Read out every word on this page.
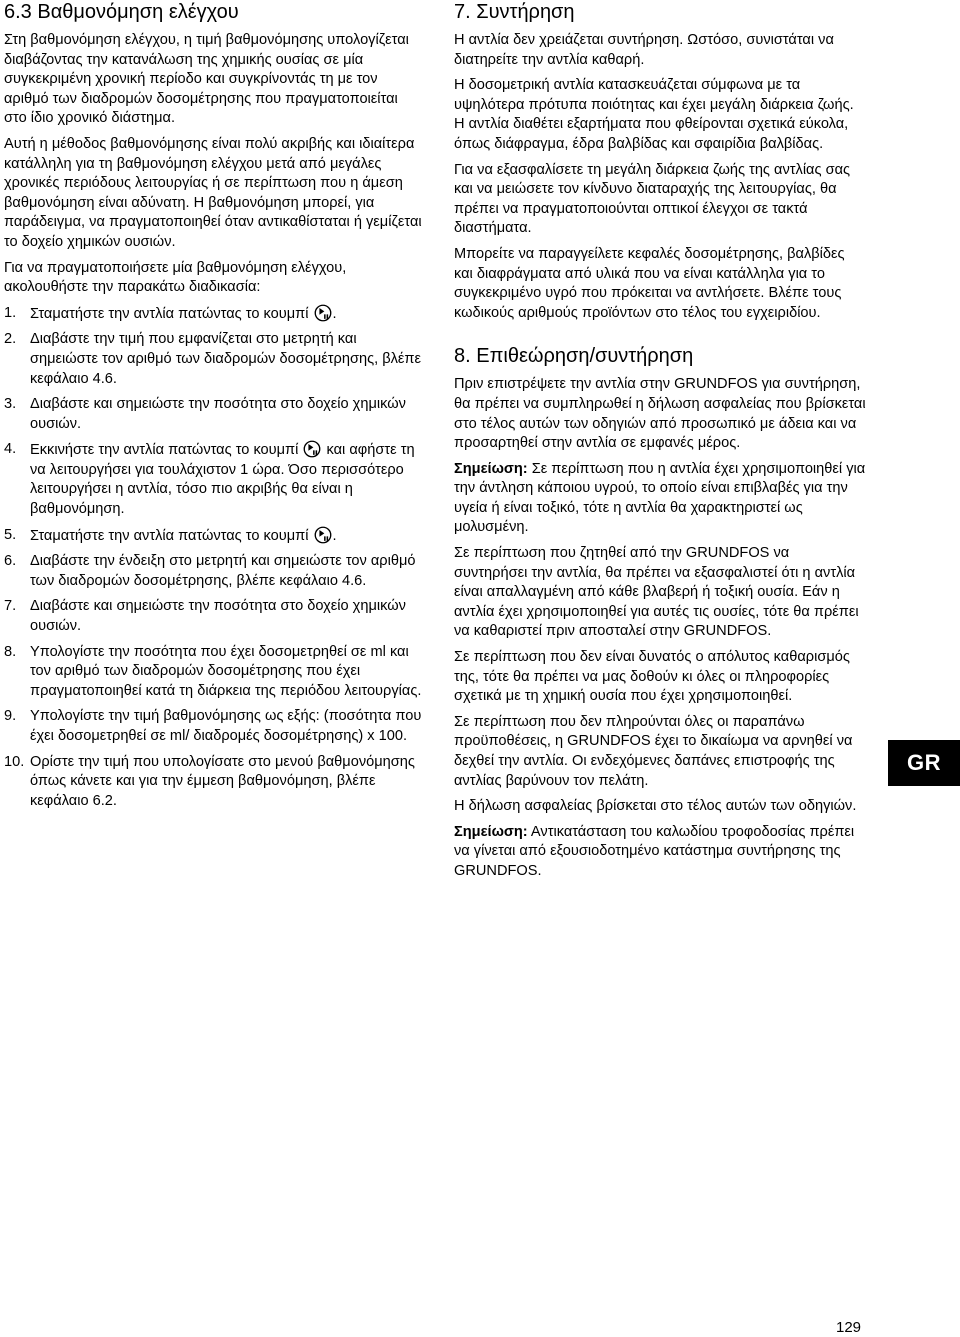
6.3 Βαθμονόμηση ελέγχου

Στη βαθμονόμηση ελέγχου, η τιμή βαθμονόμησης υπολογίζεται διαβάζοντας την κατανάλωση της χημικής ουσίας σε μία συγκεκριμένη χρονική περίοδο και συγκρίνοντάς τη με τον αριθμό των διαδρομών δοσομέτρησης που πραγματοποιείται στο ίδιο χρονικό διάστημα.

Αυτή η μέθοδος βαθμονόμησης είναι πολύ ακριβής και ιδιαίτερα κατάλληλη για τη βαθμονόμηση ελέγχου μετά από μεγάλες χρονικές περιόδους λειτουργίας ή σε περίπτωση που η άμεση βαθμονόμηση είναι αδύνατη. Η βαθμονόμηση μπορεί, για παράδειγμα, να πραγματοποιηθεί όταν αντικαθίσταται ή γεμίζεται το δοχείο χημικών ουσιών.

Για να πραγματοποιήσετε μία βαθμονόμηση ελέγχου, ακολουθήστε την παρακάτω διαδικασία:

1. Σταματήστε την αντλία πατώντας το κουμπί .
2. Διαβάστε την τιμή που εμφανίζεται στο μετρητή και σημειώστε τον αριθμό των διαδρομών δοσομέτρησης, βλέπε κεφάλαιο 4.6.
3. Διαβάστε και σημειώστε την ποσότητα στο δοχείο χημικών ουσιών.
4. Εκκινήστε την αντλία πατώντας το κουμπί  και αφήστε τη να λειτουργήσει για τουλάχιστον 1 ώρα. Όσο περισσότερο λειτουργήσει η αντλία, τόσο πιο ακριβής θα είναι η βαθμονόμηση.
5. Σταματήστε την αντλία πατώντας το κουμπί .
6. Διαβάστε την ένδειξη στο μετρητή και σημειώστε τον αριθμό των διαδρομών δοσομέτρησης, βλέπε κεφάλαιο 4.6.
7. Διαβάστε και σημειώστε την ποσότητα στο δοχείο χημικών ουσιών.
8. Υπολογίστε την ποσότητα που έχει δοσομετρηθεί σε ml και τον αριθμό των διαδρομών δοσομέτρησης που έχει πραγματοποιηθεί κατά τη διάρκεια της περιόδου λειτουργίας.
9. Υπολογίστε την τιμή βαθμονόμησης ως εξής: (ποσότητα που έχει δοσομετρηθεί σε ml/ διαδρομές δοσομέτρησης) x 100.
10. Ορίστε την τιμή που υπολογίσατε στο μενού βαθμονόμησης όπως κάνετε και για την έμμεση βαθμονόμηση, βλέπε κεφάλαιο 6.2.
7. Συντήρηση

Η αντλία δεν χρειάζεται συντήρηση. Ωστόσο, συνιστάται να διατηρείτε την αντλία καθαρή.

Η δοσομετρική αντλία κατασκευάζεται σύμφωνα με τα υψηλότερα πρότυπα ποιότητας και έχει μεγάλη διάρκεια ζωής. Η αντλία διαθέτει εξαρτήματα που φθείρονται σχετικά εύκολα, όπως διάφραγμα, έδρα βαλβίδας και σφαιρίδια βαλβίδας.

Για να εξασφαλίσετε τη μεγάλη διάρκεια ζωής της αντλίας σας και να μειώσετε τον κίνδυνο διαταραχής της λειτουργίας, θα πρέπει να πραγματοποιούνται οπτικοί έλεγχοι σε τακτά διαστήματα.

Μπορείτε να παραγγείλετε κεφαλές δοσομέτρησης, βαλβίδες και διαφράγματα από υλικά που να είναι κατάλληλα για το συγκεκριμένο υγρό που πρόκειται να αντλήσετε. Βλέπε τους κωδικούς αριθμούς προϊόντων στο τέλος του εγχειριδίου.

8. Επιθεώρηση/συντήρηση

Πριν επιστρέψετε την αντλία στην GRUNDFOS για συντήρηση, θα πρέπει να συμπληρωθεί η δήλωση ασφαλείας που βρίσκεται στο τέλος αυτών των οδηγιών από προσωπικό με άδεια και να προσαρτηθεί στην αντλία σε εμφανές μέρος.

Σημείωση: Σε περίπτωση που η αντλία έχει χρησιμοποιηθεί για την άντληση κάποιου υγρού, το οποίο είναι επιβλαβές για την υγεία ή είναι τοξικό, τότε η αντλία θα χαρακτηριστεί ως μολυσμένη.

Σε περίπτωση που ζητηθεί από την GRUNDFOS να συντηρήσει την αντλία, θα πρέπει να εξασφαλιστεί ότι η αντλία είναι απαλλαγμένη από κάθε βλαβερή ή τοξική ουσία. Εάν η αντλία έχει χρησιμοποιηθεί για αυτές τις ουσίες, τότε θα πρέπει να καθαριστεί πριν αποσταλεί στην GRUNDFOS.

Σε περίπτωση που δεν είναι δυνατός ο απόλυτος καθαρισμός της, τότε θα πρέπει να μας δοθούν κι όλες οι πληροφορίες σχετικά με τη χημική ουσία που έχει χρησιμοποιηθεί.

Σε περίπτωση που δεν πληρούνται όλες οι παραπάνω προϋποθέσεις, η GRUNDFOS έχει το δικαίωμα να αρνηθεί να δεχθεί την αντλία. Οι ενδεχόμενες δαπάνες επιστροφής της αντλίας βαρύνουν τον πελάτη.

Η δήλωση ασφαλείας βρίσκεται στο τέλος αυτών των οδηγιών.

Σημείωση: Αντικατάσταση του καλωδίου τροφοδοσίας πρέπει να γίνεται από εξουσιοδοτημένο κατάστημα συντήρησης της GRUNDFOS.

GR
129
